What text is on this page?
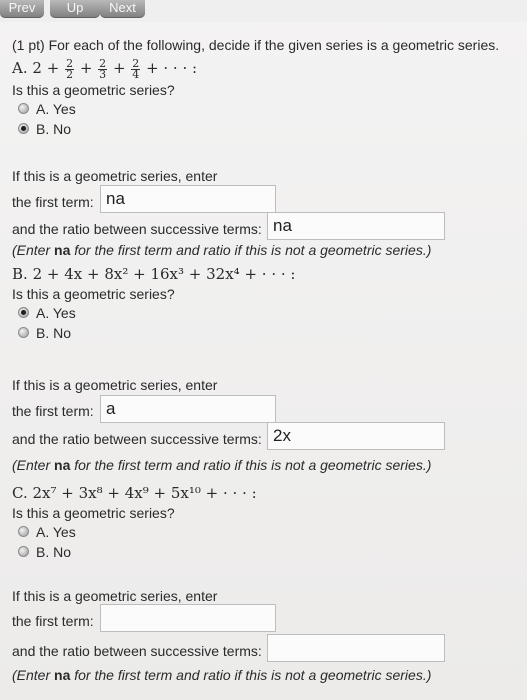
Prev	Up	Next
(1 pt) For each of the following, decide if the given series is a geometric series.
A. $2 + \frac{2}{2} + \frac{2}{3} + \frac{2}{4}$ + · · · :
Is this a geometric series?
A. Yes
B. No
If this is a geometric series, enter
the first term: na
and the ratio between successive terms: na
(Enter na for the first term and ratio if this is not a geometric series.)
B. 2 + 4x + 8x² + 16x³ + 32x⁴ + · · · :
Is this a geometric series?
A. Yes
B. No
If this is a geometric series, enter
the first term: a
and the ratio between successive terms: 2x
(Enter na for the first term and ratio if this is not a geometric series.)
C. 2x⁷ + 3x⁸ + 4x⁹ + 5x¹⁰ + · · · :
Is this a geometric series?
A. Yes
B. No
If this is a geometric series, enter
the first term:
and the ratio between successive terms:
(Enter na for the first term and ratio if this is not a geometric series.)
